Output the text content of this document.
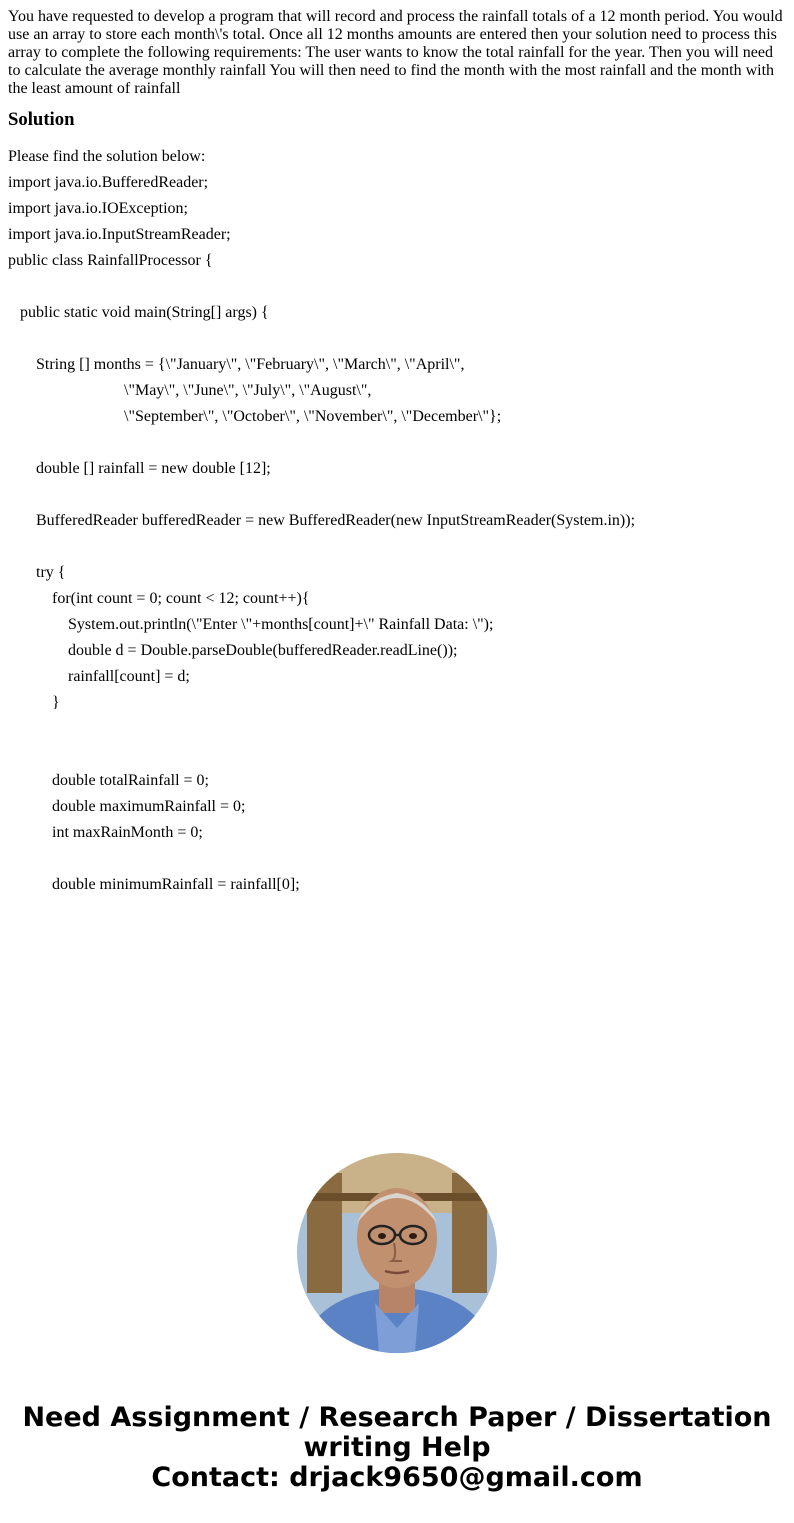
You have requested to develop a program that will record and process the rainfall totals of a 12 month period. You would use an array to store each month\'s total. Once all 12 months amounts are entered then your solution need to process this array to complete the following requirements: The user wants to know the total rainfall for the year. Then you will need to calculate the average monthly rainfall You will then need to find the month with the most rainfall and the month with the least amount of rainfall

Solution
Please find the solution below:
import java.io.BufferedReader;
import java.io.IOException;
import java.io.InputStreamReader;
public class RainfallProcessor {
public static void main(String[] args) {
String [] months = {\"January\", \"February\", \"March\", \"April\",
\"May\", \"June\", \"July\", \"August\",
\"September\", \"October\", \"November\", \"December\"};
double [] rainfall = new double [12];
BufferedReader bufferedReader = new BufferedReader(new InputStreamReader(System.in));
try {
for(int count = 0; count < 12; count++){
System.out.println(\"Enter \"+months[count]+\" Rainfall Data: \");
double d = Double.parseDouble(bufferedReader.readLine());
rainfall[count] = d;
}
double totalRainfall = 0;
double maximumRainfall = 0;
int maxRainMonth = 0;
double minimumRainfall = rainfall[0];
Need Assignment / Research Paper / Dissertation
writing Help
Contact: drjack9650@gmail.com
